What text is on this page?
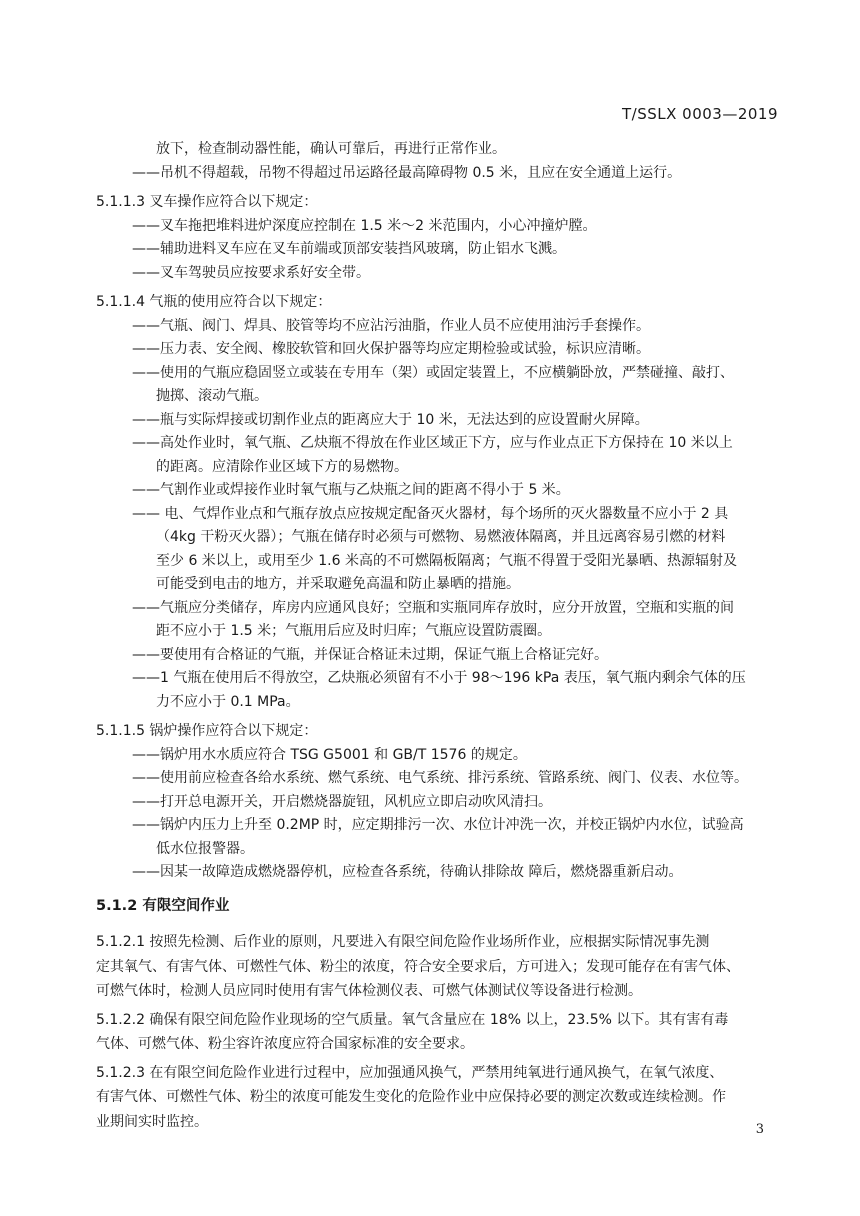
T/SSLX 0003—2019
放下，检查制动器性能，确认可靠后，再进行正常作业。
——吊机不得超载，吊物不得超过吊运路径最高障碍物 0.5 米，且应在安全通道上运行。
5.1.1.3 叉车操作应符合以下规定：
——叉车拖把堆料进炉深度应控制在 1.5 米～2 米范围内，小心冲撞炉膛。
——辅助进料叉车应在叉车前端或顶部安装挡风玻璃，防止铝水飞溅。
——叉车驾驶员应按要求系好安全带。
5.1.1.4 气瓶的使用应符合以下规定：
——气瓶、阀门、焊具、胶管等均不应沾污油脂，作业人员不应使用油污手套操作。
——压力表、安全阀、橡胶软管和回火保护器等均应定期检验或试验，标识应清晰。
——使用的气瓶应稳固竖立或装在专用车（架）或固定装置上，不应横躺卧放，严禁碰撞、敲打、
抛掷、滚动气瓶。
——瓶与实际焊接或切割作业点的距离应大于 10 米，无法达到的应设置耐火屏障。
——高处作业时，氧气瓶、乙炔瓶不得放在作业区域正下方，应与作业点正下方保持在 10 米以上
的距离。应清除作业区域下方的易燃物。
——气割作业或焊接作业时氧气瓶与乙炔瓶之间的距离不得小于 5 米。
—— 电、气焊作业点和气瓶存放点应按规定配备灭火器材，每个场所的灭火器数量不应小于 2 具
（4kg 干粉灭火器）；气瓶在储存时必须与可燃物、易燃液体隔离，并且远离容易引燃的材料
至少 6 米以上，或用至少 1.6 米高的不可燃隔板隔离；气瓶不得置于受阳光暴晒、热源辐射及
可能受到电击的地方，并采取避免高温和防止暴晒的措施。
——气瓶应分类储存，库房内应通风良好；空瓶和实瓶同库存放时，应分开放置，空瓶和实瓶的间
距不应小于 1.5 米；气瓶用后应及时归库；气瓶应设置防震圈。
——要使用有合格证的气瓶，并保证合格证未过期，保证气瓶上合格证完好。
——1 气瓶在使用后不得放空，乙炔瓶必须留有不小于 98～196 kPa 表压，氧气瓶内剩余气体的压
力不应小于 0.1 MPa。
5.1.1.5 锅炉操作应符合以下规定：
——锅炉用水水质应符合 TSG G5001 和 GB/T 1576 的规定。
——使用前应检查各给水系统、燃气系统、电气系统、排污系统、管路系统、阀门、仪表、水位等。
——打开总电源开关，开启燃烧器旋钮，风机应立即启动吹风清扫。
——锅炉内压力上升至 0.2MP 时，应定期排污一次、水位计冲洗一次，并校正锅炉内水位，试验高
低水位报警器。
——因某一故障造成燃烧器停机，应检查各系统，待确认排除故 障后，燃烧器重新启动。
5.1.2 有限空间作业
5.1.2.1 按照先检测、后作业的原则，凡要进入有限空间危险作业场所作业，应根据实际情况事先测
定其氧气、有害气体、可燃性气体、粉尘的浓度，符合安全要求后，方可进入；发现可能存在有害气体、
可燃气体时，检测人员应同时使用有害气体检测仪表、可燃气体测试仪等设备进行检测。
5.1.2.2 确保有限空间危险作业现场的空气质量。氧气含量应在 18% 以上，23.5% 以下。其有害有毒
气体、可燃气体、粉尘容许浓度应符合国家标准的安全要求。
5.1.2.3 在有限空间危险作业进行过程中，应加强通风换气，严禁用纯氧进行通风换气，在氧气浓度、
有害气体、可燃性气体、粉尘的浓度可能发生变化的危险作业中应保持必要的测定次数或连续检测。作
业期间实时监控。	3
